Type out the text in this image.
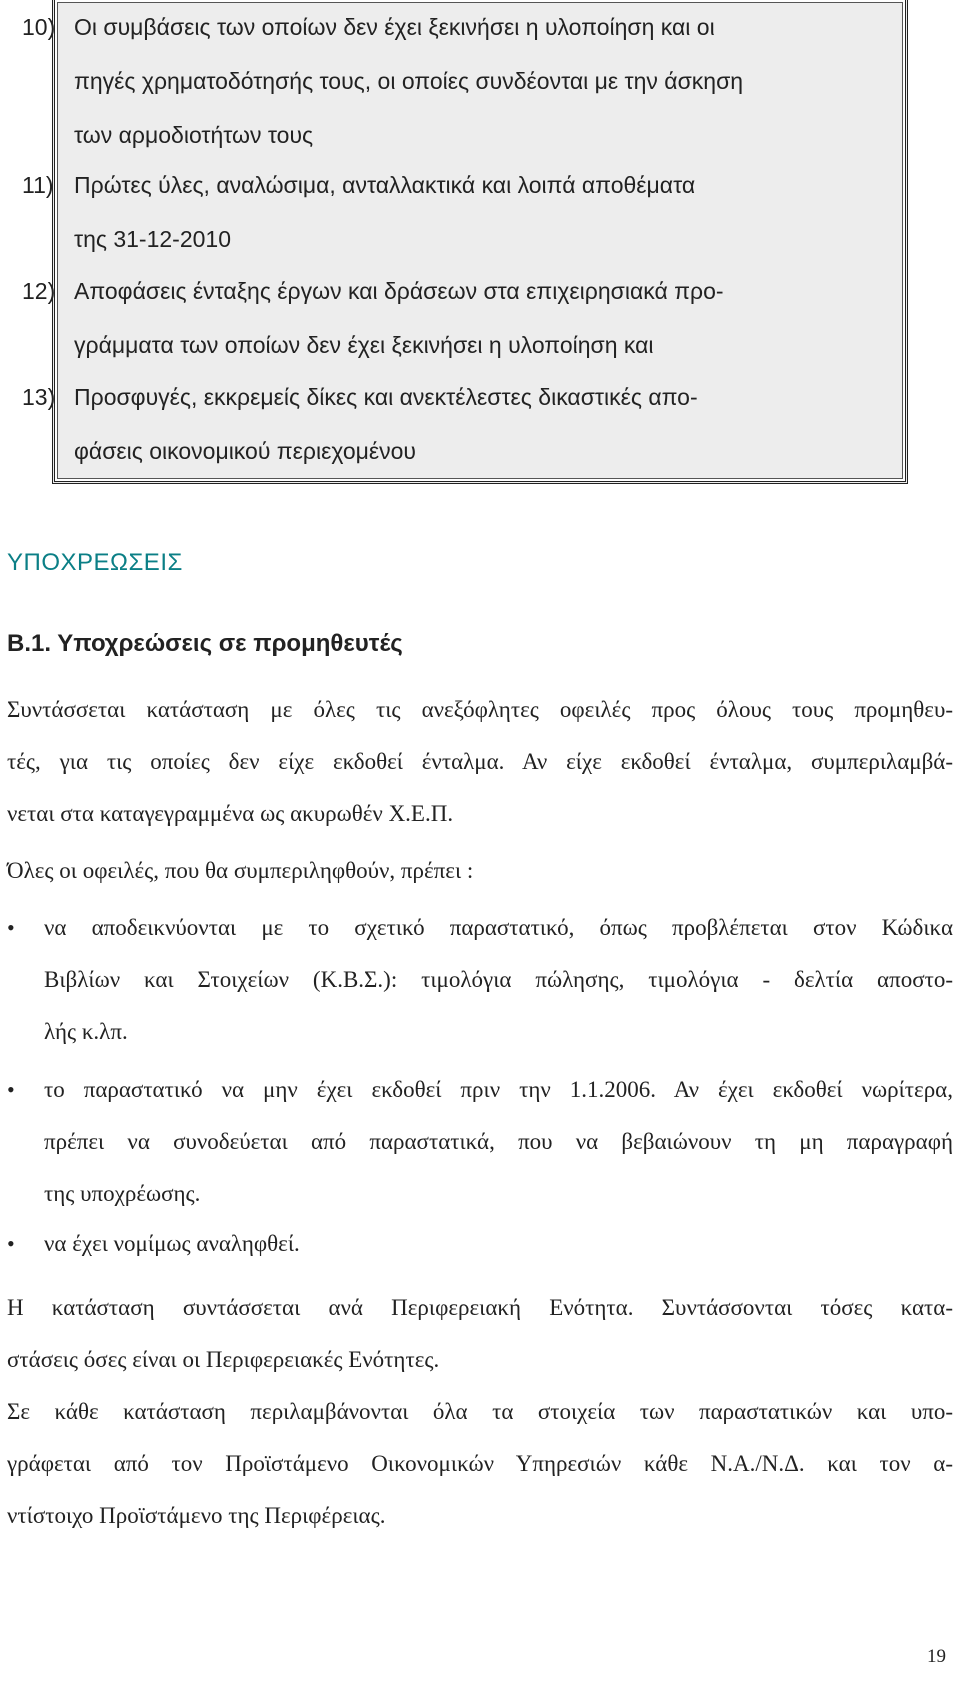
10) Οι συμβάσεις των οποίων δεν έχει ξεκινήσει η υλοποίηση και οι
πηγές χρηματοδότησής τους, οι οποίες συνδέονται με την άσκηση
των αρμοδιοτήτων τους
11) Πρώτες ύλες, αναλώσιμα, ανταλλακτικά και λοιπά αποθέματα
της 31-12-2010
12) Αποφάσεις ένταξης έργων και δράσεων στα επιχειρησιακά προ-
γράμματα των οποίων δεν έχει ξεκινήσει η υλοποίηση και
13) Προσφυγές, εκκρεμείς δίκες και ανεκτέλεστες δικαστικές απο-
φάσεις οικονομικού περιεχομένου
ΥΠΟΧΡΕΩΣΕΙΣ
Β.1. Υποχρεώσεις σε προμηθευτές
Συντάσσεται κατάσταση με όλες τις ανεξόφλητες οφειλές προς όλους τους προμηθευ-
τές, για τις οποίες δεν είχε εκδοθεί ένταλμα. Αν είχε εκδοθεί ένταλμα, συμπεριλαμβά-
νεται στα καταγεγραμμένα ως ακυρωθέν Χ.Ε.Π.
Όλες οι οφειλές, που θα συμπεριληφθούν, πρέπει :
• να αποδεικνύονται με το σχετικό παραστατικό, όπως προβλέπεται στον Κώδικα
Βιβλίων και Στοιχείων (Κ.Β.Σ.): τιμολόγια πώλησης, τιμολόγια - δελτία αποστο-
λής κ.λπ.
• το παραστατικό να μην έχει εκδοθεί πριν την 1.1.2006. Αν έχει εκδοθεί νωρίτερα,
πρέπει να συνοδεύεται από παραστατικά, που να βεβαιώνουν τη μη παραγραφή
της υποχρέωσης.
• να έχει νομίμως αναληφθεί.
Η κατάσταση συντάσσεται ανά Περιφερειακή Ενότητα. Συντάσσονται τόσες κατα-
στάσεις όσες είναι οι Περιφερειακές Ενότητες.
Σε κάθε κατάσταση περιλαμβάνονται όλα τα στοιχεία των παραστατικών και υπο-
γράφεται από τον Προϊστάμενο Οικονομικών Υπηρεσιών κάθε Ν.Α./Ν.Δ. και τον α-
ντίστοιχο Προϊστάμενο της Περιφέρειας.
19
